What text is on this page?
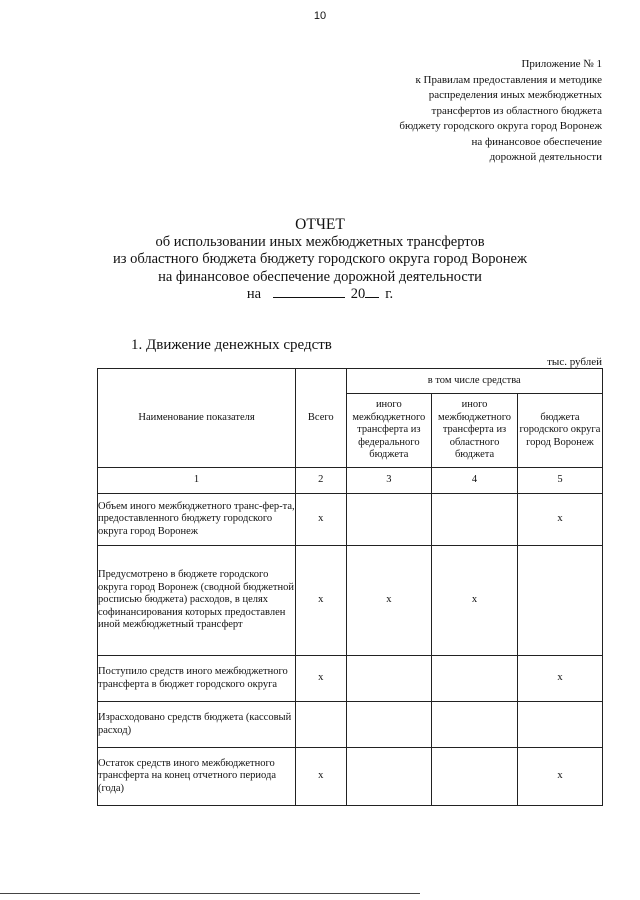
10
Приложение № 1
к Правилам предоставления и методике
распределения иных межбюджетных
трансфертов из областного бюджета
бюджету городского округа город Воронеж
на финансовое обеспечение
дорожной деятельности
ОТЧЕТ
об использовании иных межбюджетных трансфертов
из областного бюджета бюджету городского округа город Воронеж
на финансовое обеспечение дорожной деятельности
на	20 г.
1. Движение денежных средств
тыс. рублей
Наименование показателя	Всего	в том числе средства		
		иного межбюджетного трансферта из федерального бюджета	иного межбюджетного трансферта из областного бюджета	бюджета городского округа город Воронеж
1	2	3	4	5
Объем иного межбюджетного транс-фер-та, предоставленного бюджету городского округа город Воронеж	x			x
Предусмотрено в бюджете городского округа город Воронеж (сводной бюджетной росписью бюджета) расходов, в целях софинансирования которых предоставлен иной межбюджетный трансферт	x	x	x	
Поступило средств иного межбюджетного трансферта в бюджет городского округа	x			x
Израсходовано средств бюджета (кассовый расход)				
Остаток средств иного межбюджетного трансферта на конец отчетного периода (года)	x			x
